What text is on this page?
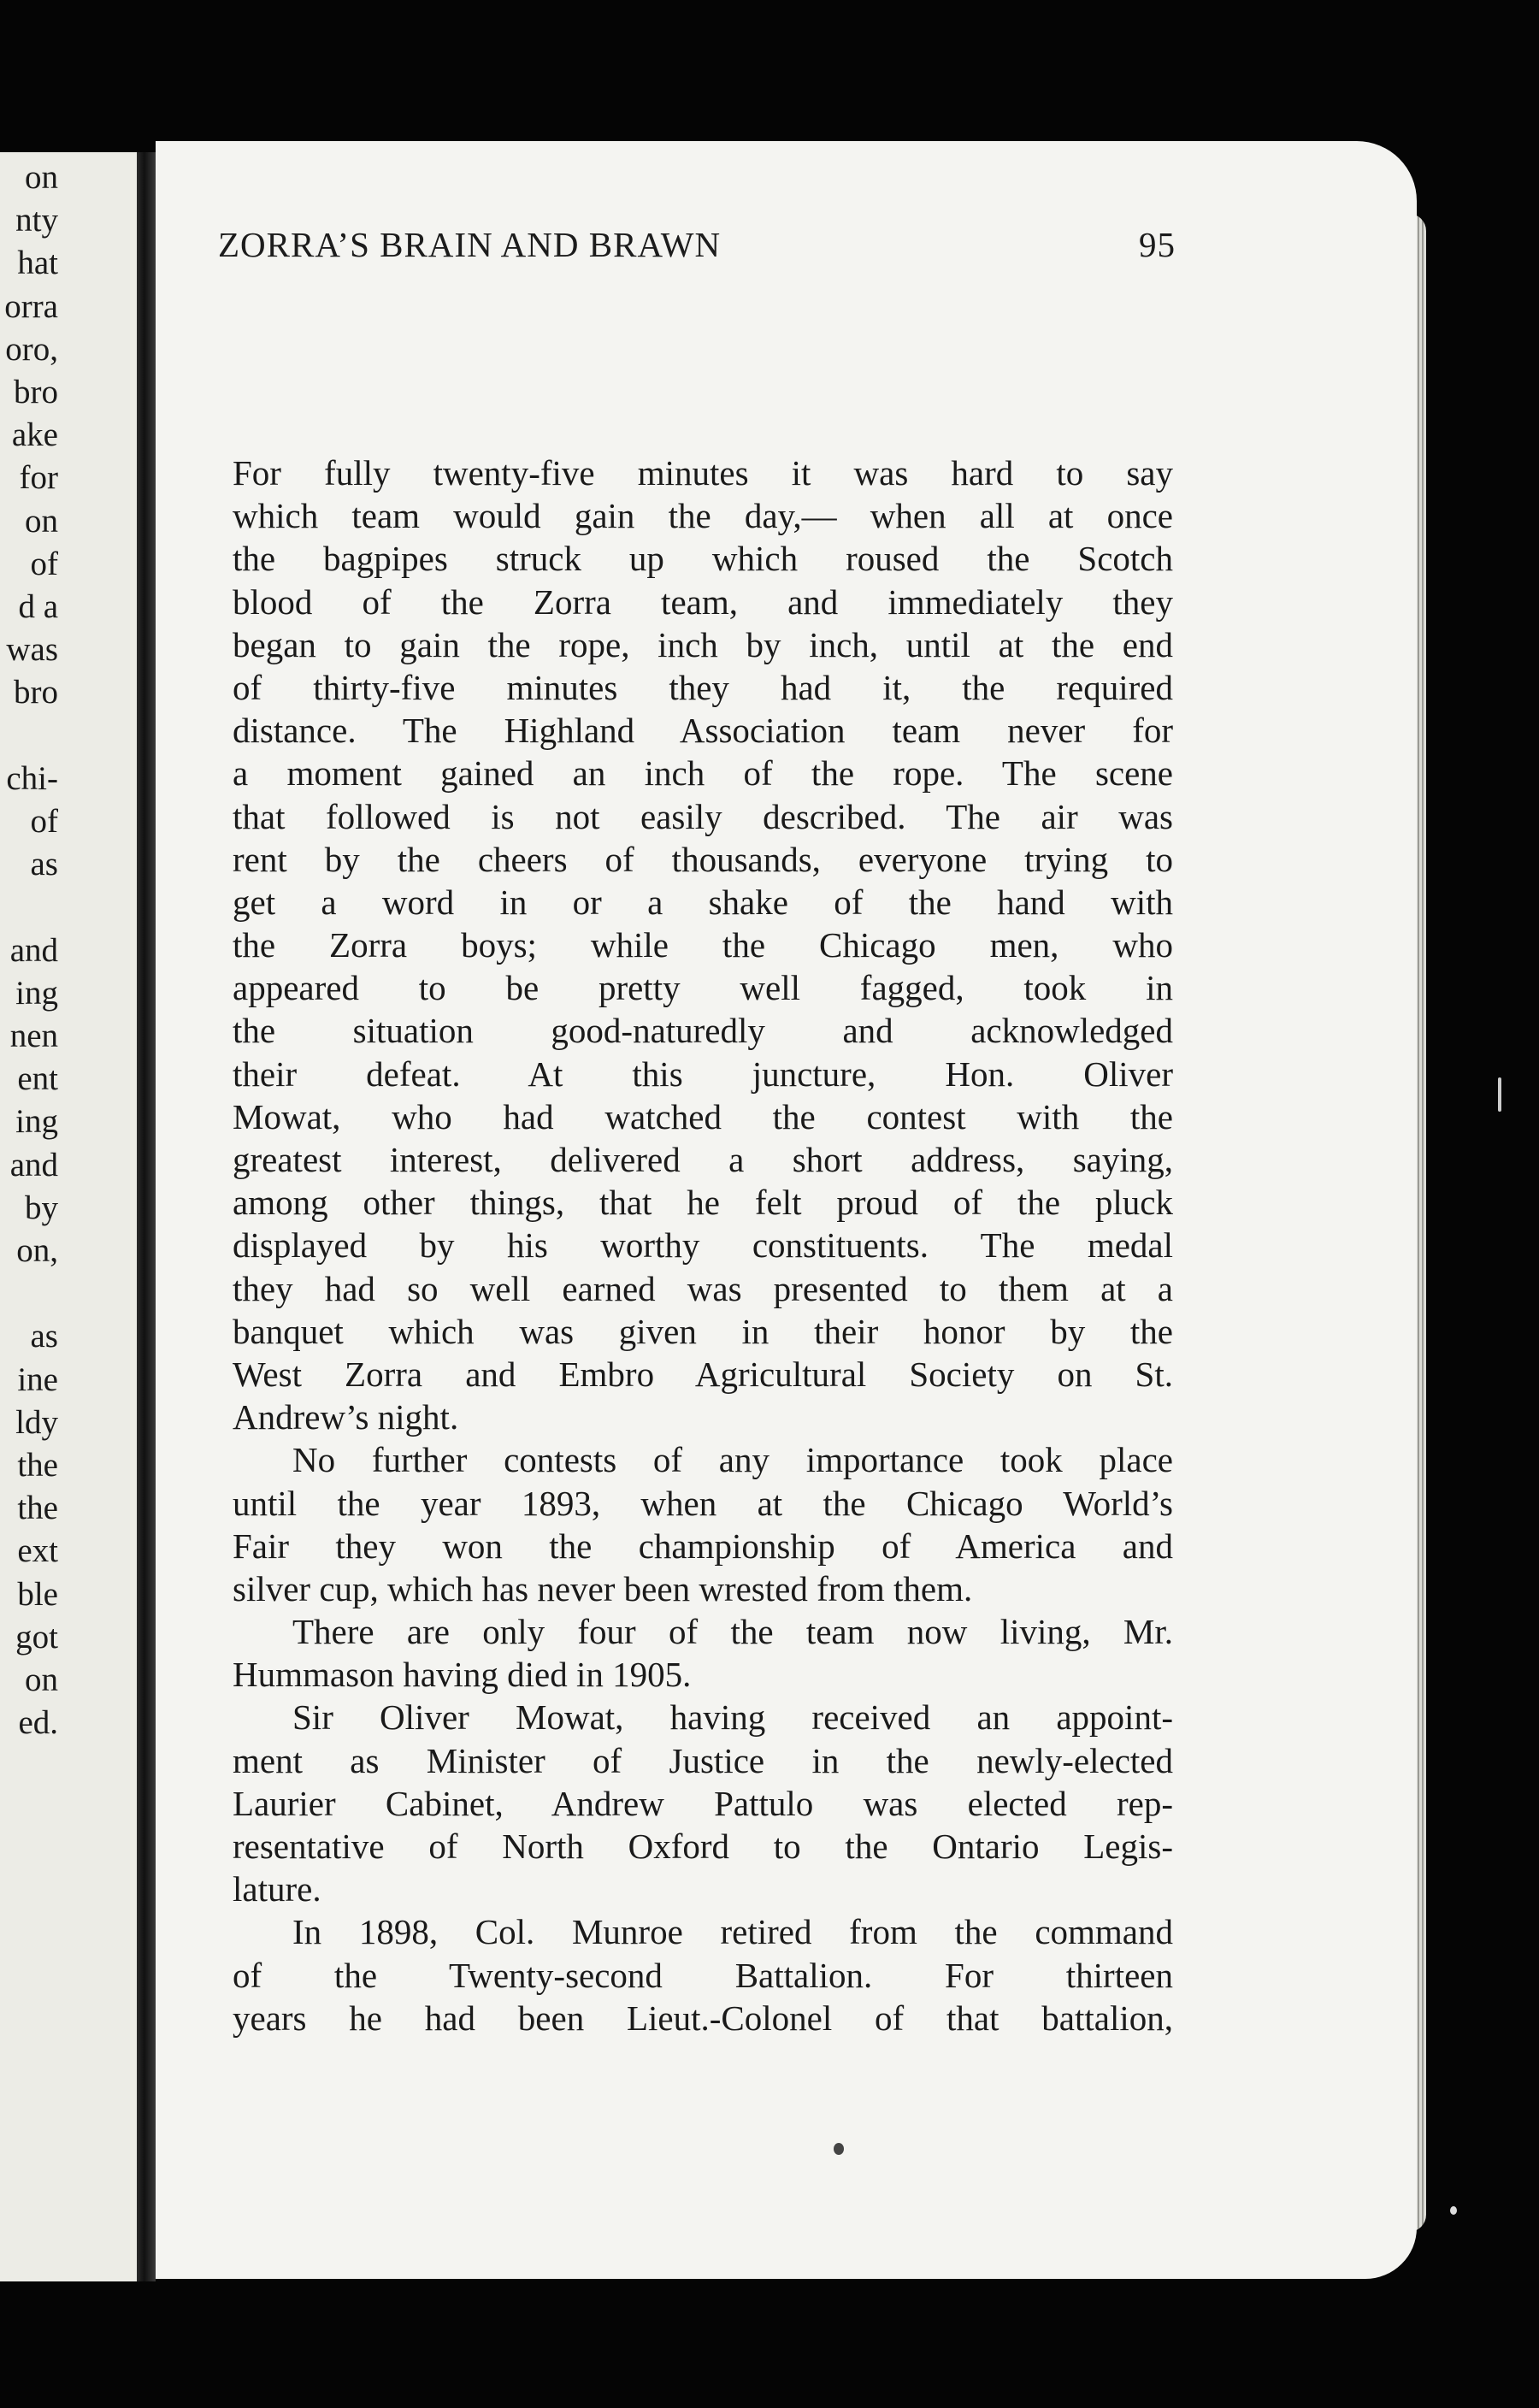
on
nty
hat
orra
oro,
bro
ake
for
on
of
d a
was
bro
chi-
of
as
and
ing
nen
ent
ing
and
by
on,
as
ine
ldy
the
the
ext
ble
got
on
ed.
ZORRA’S BRAIN AND BRAWN	95
For fully twenty-five minutes it was hard to say
which team would gain the day,— when all at once
the bagpipes struck up which roused the Scotch
blood of the Zorra team, and immediately they
began to gain the rope, inch by inch, until at the end
of thirty-five minutes they had it, the required
distance. The Highland Association team never for
a moment gained an inch of the rope. The scene
that followed is not easily described. The air was
rent by the cheers of thousands, everyone trying to
get a word in or a shake of the hand with
the Zorra boys; while the Chicago men, who
appeared to be pretty well fagged, took in
the situation good-naturedly and acknowledged
their defeat. At this juncture, Hon. Oliver
Mowat, who had watched the contest with the
greatest interest, delivered a short address, saying,
among other things, that he felt proud of the pluck
displayed by his worthy constituents. The medal
they had so well earned was presented to them at a
banquet which was given in their honor by the
West Zorra and Embro Agricultural Society on St.
Andrew’s night.
No further contests of any importance took place
until the year 1893, when at the Chicago World’s
Fair they won the championship of America and
silver cup, which has never been wrested from them.
There are only four of the team now living, Mr.
Hummason having died in 1905.
Sir Oliver Mowat, having received an appoint-
ment as Minister of Justice in the newly-elected
Laurier Cabinet, Andrew Pattulo was elected rep-
resentative of North Oxford to the Ontario Legis-
lature.
In 1898, Col. Munroe retired from the command
of the Twenty-second Battalion. For thirteen
years he had been Lieut.-Colonel of that battalion,
